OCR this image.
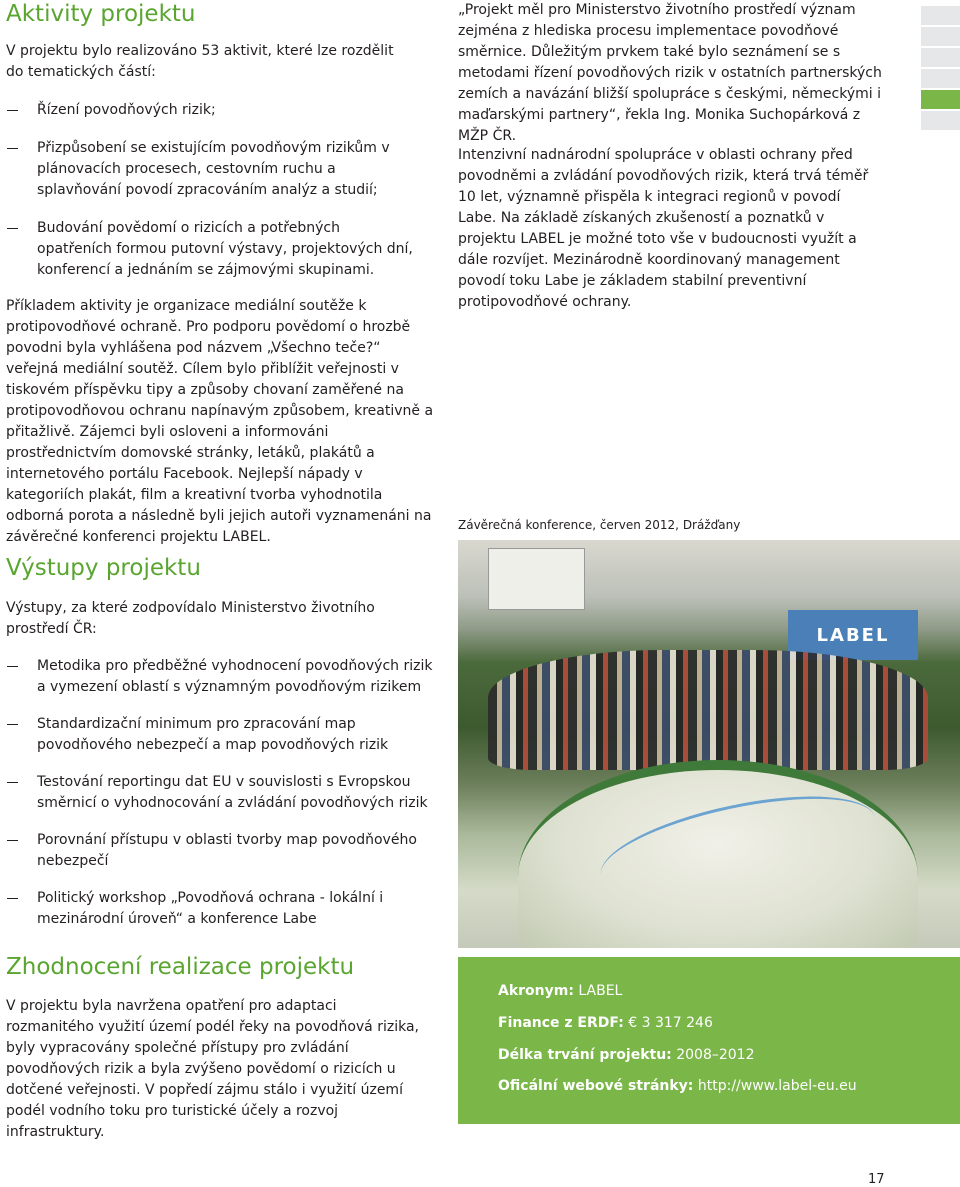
Aktivity projektu

V projektu bylo realizováno 53 aktivit, které lze rozdělit do tematických částí:

Řízení povodňových rizik;
Přizpůsobení se existujícím povodňovým rizikům v plánovacích procesech, cestovním ruchu a splavňování povodí zpracováním analýz a studií;
Budování povědomí o rizicích a potřebných opatřeních formou putovní výstavy, projektových dní, konferencí a jednáním se zájmovými skupinami.

Příkladem aktivity je organizace mediální soutěže k protipovodňové ochraně. Pro podporu povědomí o hrozbě povodni byla vyhlášena pod názvem „Všechno teče?“ veřejná mediální soutěž. Cílem bylo přiblížit veřejnosti v tiskovém příspěvku tipy a způsoby chovaní zaměřené na protipovodňovou ochranu napínavým způsobem, kreativně a přitažlivě. Zájemci byli osloveni a informováni prostřednictvím domovské stránky, letáků, plakátů a internetového portálu Facebook. Nejlepší nápady v kategoriích plakát, film a kreativní tvorba vyhodnotila odborná porota a následně byli jejich autoři vyznamenáni na závěrečné konferenci projektu LABEL.

Výstupy projektu

Výstupy, za které zodpovídalo Ministerstvo životního prostředí ČR:

Metodika pro předběžné vyhodnocení povodňových rizik a vymezení oblastí s významným povodňovým rizikem
Standardizační minimum pro zpracování map povodňového nebezpečí a map povodňových rizik
Testování reportingu dat EU v souvislosti s Evropskou směrnicí o vyhodnocování a zvládání povodňových rizik
Porovnání přístupu v oblasti tvorby map povodňového nebezpečí
Politický workshop „Povodňová ochrana - lokální i mezinárodní úroveň“ a konference Labe
Zhodnocení realizace projektu

V projektu byla navržena opatření pro adaptaci rozmanitého využití území podél řeky na povodňová rizika, byly vypracovány společné přístupy pro zvládání povodňových rizik a byla zvýšeno povědomí o rizicích u dotčené veřejnosti. V popředí zájmu stálo i využití území podél vodního toku pro turistické účely a rozvoj infrastruktury.

„Projekt měl pro Ministerstvo životního prostředí význam zejména z hlediska procesu implementace povodňové směrnice. Důležitým prvkem také bylo seznámení se s metodami řízení povodňových rizik v ostatních partnerských zemích a navázání bližší spolupráce s českými, německými i maďarskými partnery“, řekla Ing. Monika Suchopárková z MŽP ČR.

Intenzivní nadnárodní spolupráce v oblasti ochrany před povodněmi a zvládání povodňových rizik, která trvá téměř 10 let, významně přispěla k integraci regionů v povodí Labe. Na základě získaných zkušeností a poznatků v projektu LABEL je možné toto vše v budoucnosti využít a dále rozvíjet. Mezinárodně koordinovaný management povodí toku Labe je základem stabilní preventivní protipovodňové ochrany.

Závěrečná konference, červen 2012, Drážďany

LABEL
Akronym: LABEL
Finance z ERDF: € 3 317 246
Délka trvání projektu: 2008–2012
Oficální webové stránky: http://www.label-eu.eu
17
